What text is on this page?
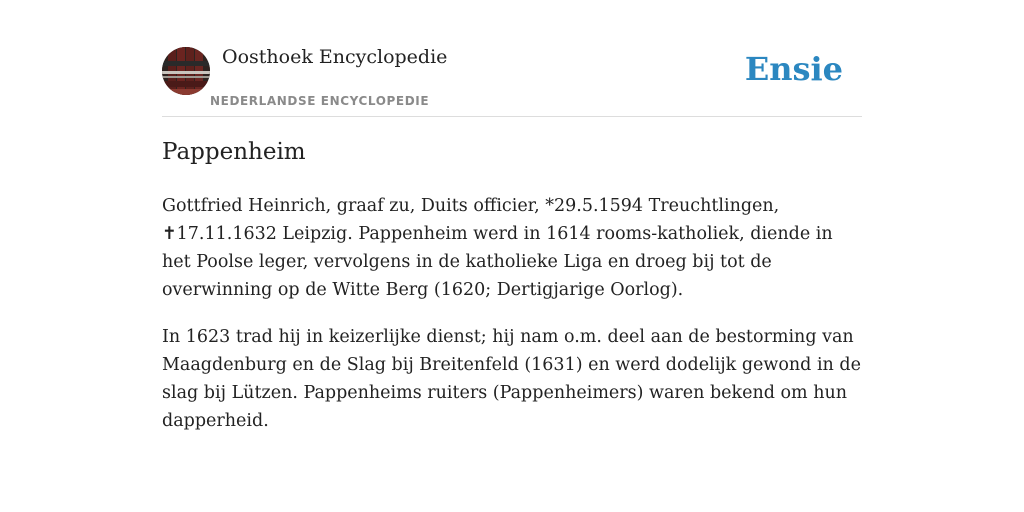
Oosthoek Encyclopedie
NEDERLANDSE ENCYCLOPEDIE
Ensie
Pappenheim

Gottfried Heinrich, graaf zu, Duits officier, *29.5.1594 Treuchtlingen, ✝17.11.1632 Leipzig. Pappenheim werd in 1614 rooms-katholiek, diende in het Poolse leger, vervolgens in de katholieke Liga en droeg bij tot de overwinning op de Witte Berg (1620; Dertigjarige Oorlog).

In 1623 trad hij in keizerlijke dienst; hij nam o.m. deel aan de bestorming van Maagdenburg en de Slag bij Breitenfeld (1631) en werd dodelijk gewond in de slag bij Lützen. Pappenheims ruiters (Pappenheimers) waren bekend om hun dapperheid.
